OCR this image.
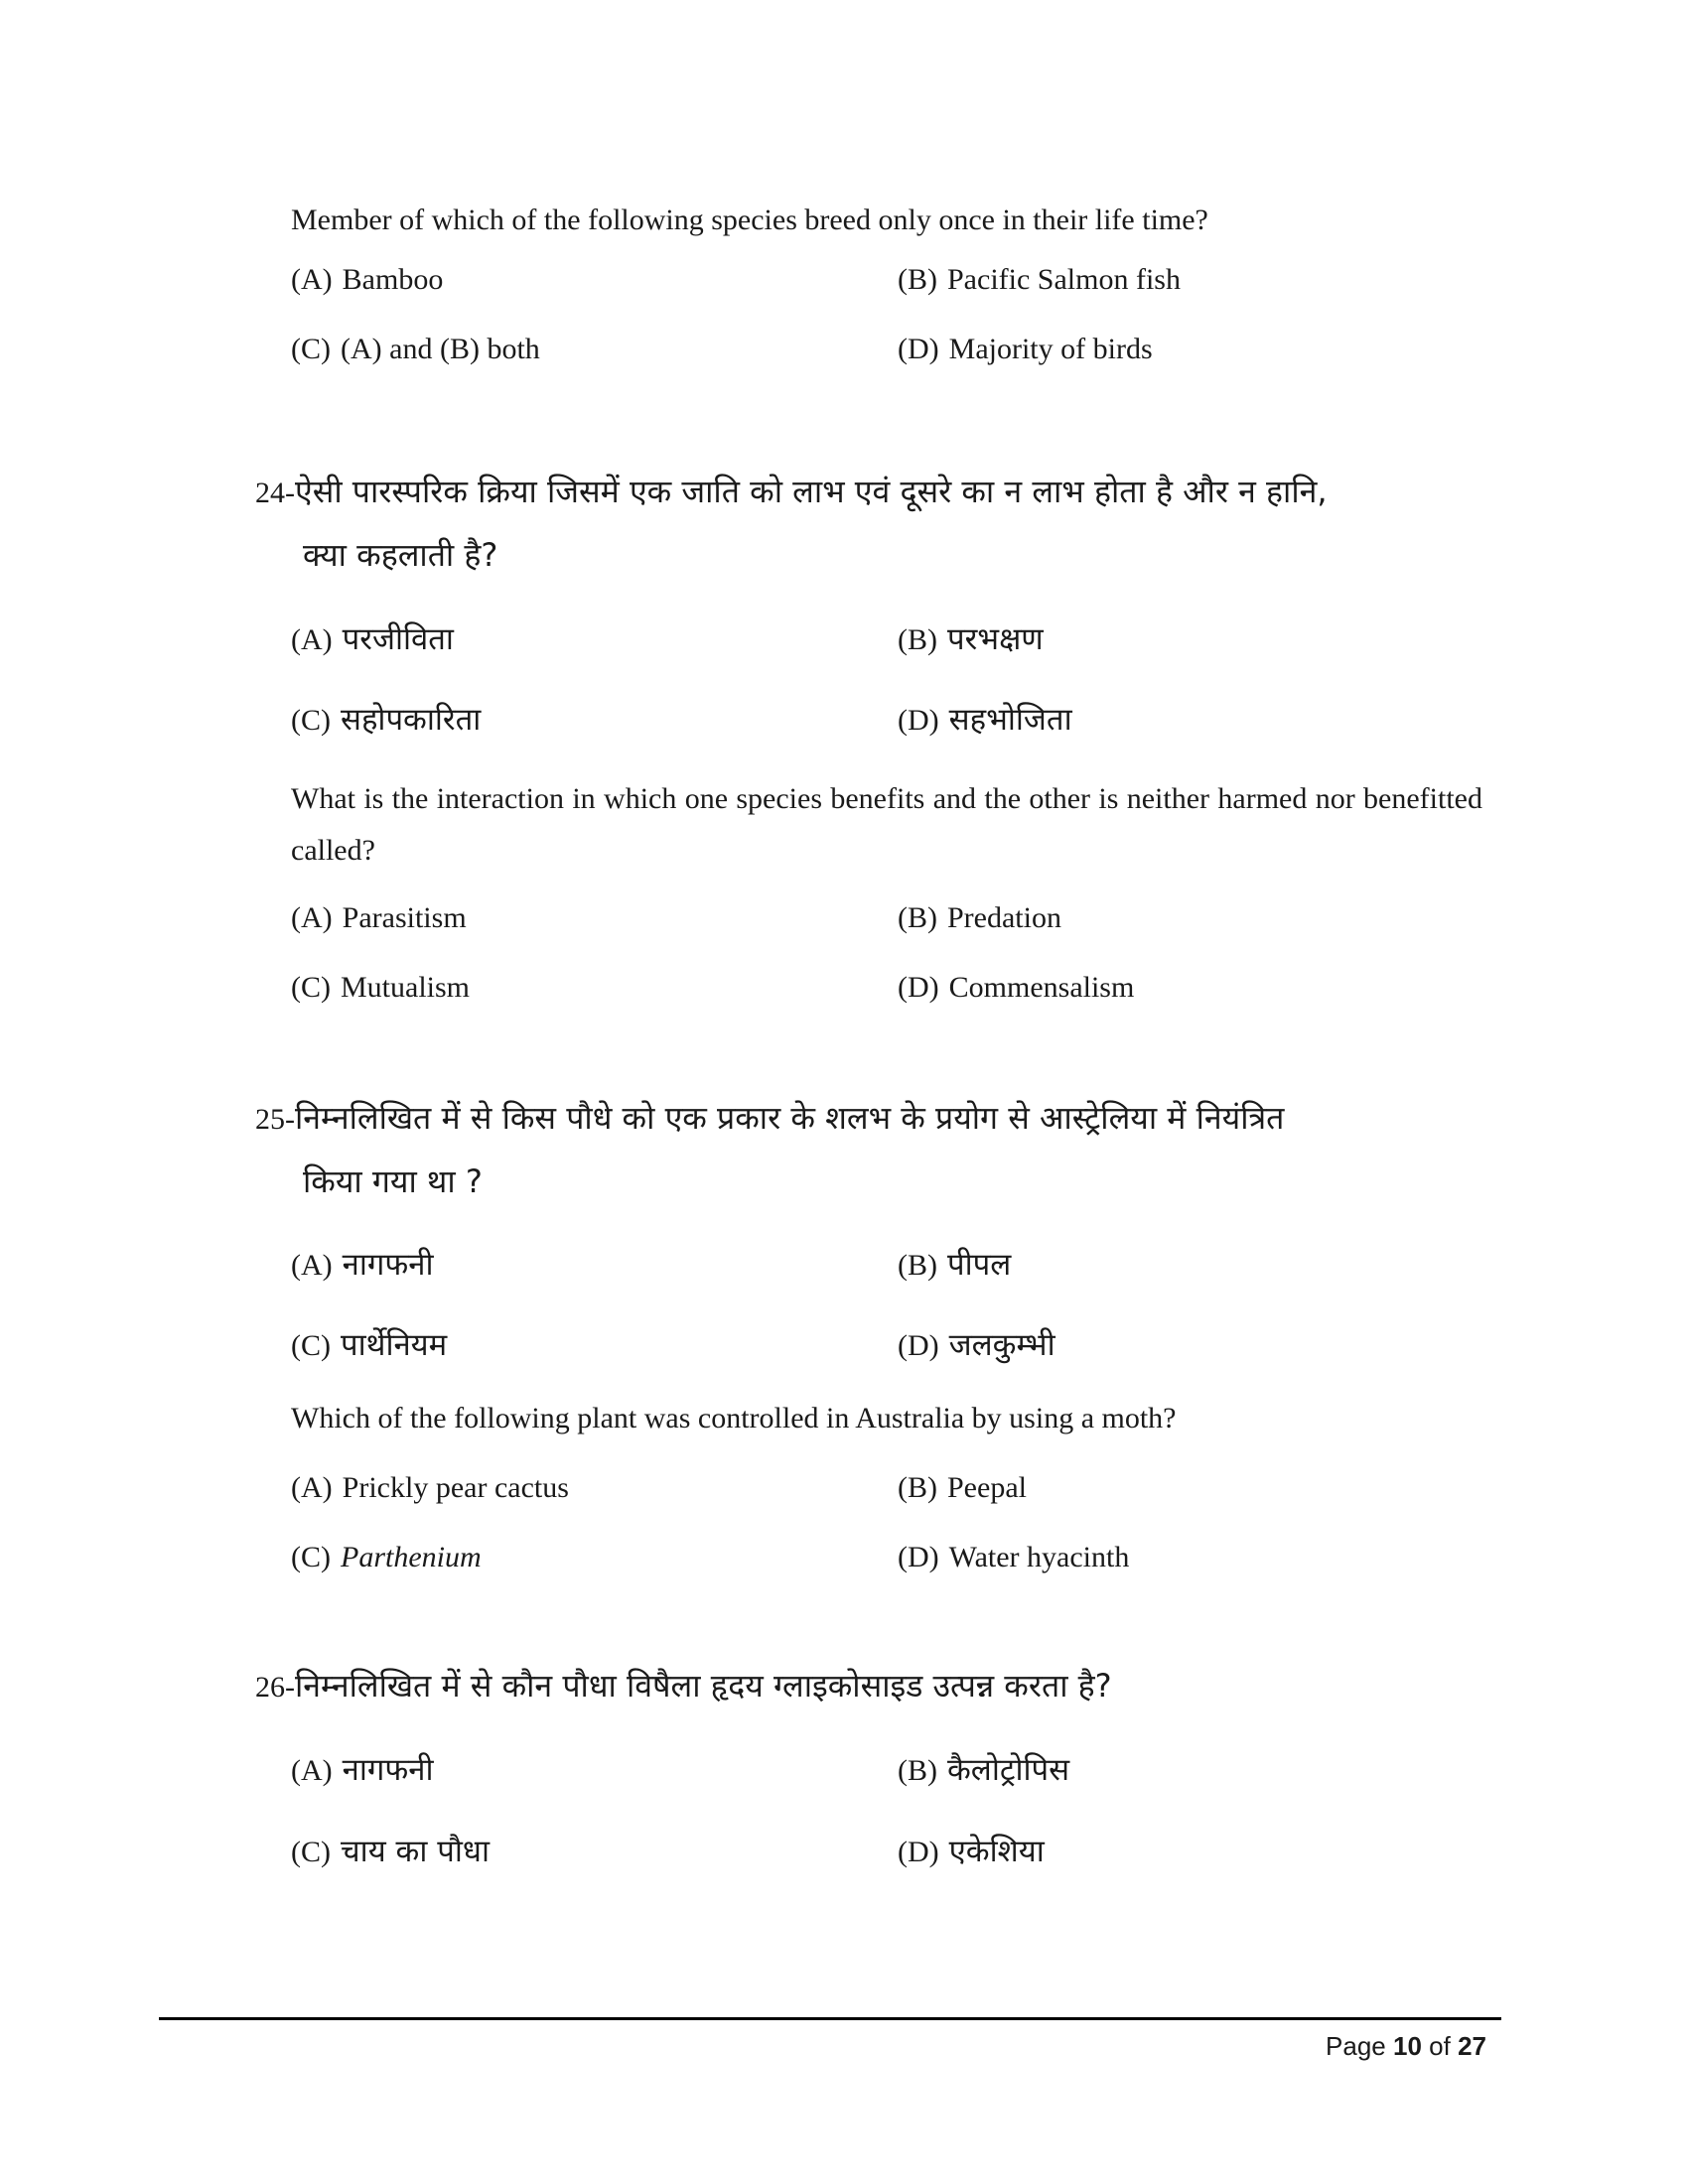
Member of which of the following species breed only once in their life time?
(A) Bamboo	(B) Pacific Salmon fish
(C) (A) and (B) both	(D) Majority of birds
24-ऐसी पारस्परिक क्रिया जिसमें एक जाति को लाभ एवं दूसरे का न लाभ होता है और न हानि,
क्या कहलाती है?
(A) परजीविता	(B) परभक्षण
(C) सहोपकारिता	(D) सहभोजिता
What is the interaction in which one species benefits and the other is neither harmed nor benefitted called?
(A) Parasitism	(B) Predation
(C) Mutualism	(D) Commensalism
25-निम्नलिखित में से किस पौधे को एक प्रकार के शलभ के प्रयोग से आस्ट्रेलिया में नियंत्रित
किया गया था ?
(A) नागफनी	(B) पीपल
(C) पार्थेनियम	(D) जलकुम्भी
Which of the following plant was controlled in Australia by using a moth?
(A) Prickly pear cactus	(B) Peepal
(C) Parthenium	(D) Water hyacinth
26-निम्नलिखित में से कौन पौधा विषैला हृदय ग्लाइकोसाइड उत्पन्न करता है?
(A) नागफनी	(B) कैलोट्रोपिस
(C) चाय का पौधा	(D) एकेशिया
Page 10 of 27
